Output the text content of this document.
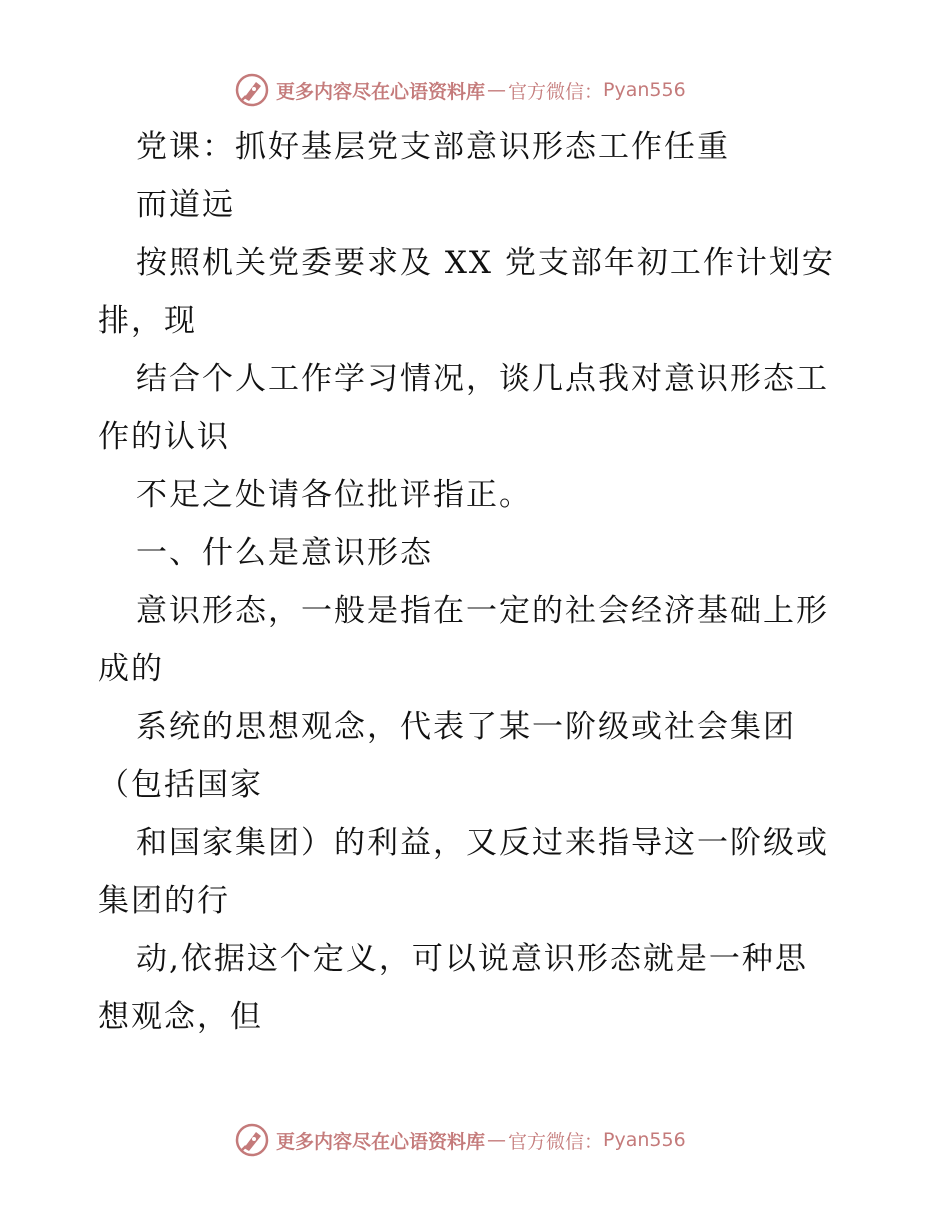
更多内容尽在心语资料库 — 官方微信： Pyan556
党课：抓好基层党支部意识形态工作任重
而道远
按照机关党委要求及 XX 党支部年初工作计划安
排，现
结合个人工作学习情况，谈几点我对意识形态工
作的认识
不足之处请各位批评指正。
一、什么是意识形态
意识形态，一般是指在一定的社会经济基础上形
成的
系统的思想观念，代表了某一阶级或社会集团
（包括国家
和国家集团）的利益，又反过来指导这一阶级或
集团的行
动,依据这个定义，可以说意识形态就是一种思
想观念，但
更多内容尽在心语资料库 — 官方微信： Pyan556
